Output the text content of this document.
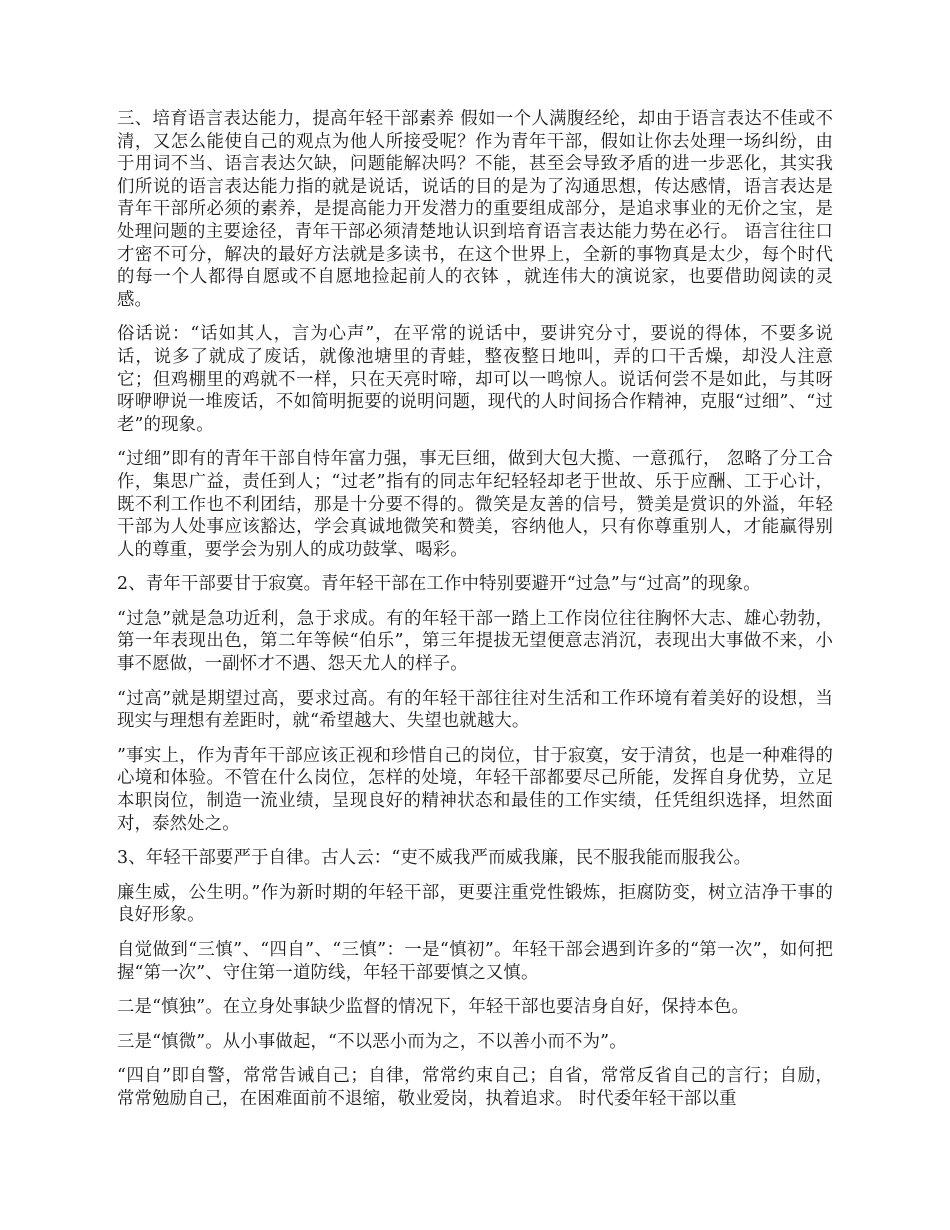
三、培育语言表达能力，提高年轻干部素养 假如一个人满腹经纶，却由于语言表达不佳或不清，又怎么能使自己的观点为他人所接受呢？作为青年干部，假如让你去处理一场纠纷，由于用词不当、语言表达欠缺，问题能解决吗？不能，甚至会导致矛盾的进一步恶化，其实我们所说的语言表达能力指的就是说话，说话的目的是为了沟通思想，传达感情，语言表达是青年干部所必须的素养，是提高能力开发潜力的重要组成部分，是追求事业的无价之宝，是处理问题的主要途径，青年干部必须清楚地认识到培育语言表达能力势在必行。 语言往往口才密不可分，解决的最好方法就是多读书，在这个世界上，全新的事物真是太少，每个时代的每一个人都得自愿或不自愿地捡起前人的衣钵 ，就连伟大的演说家，也要借助阅读的灵感。

俗话说：“话如其人，言为心声”，在平常的说话中，要讲究分寸，要说的得体，不要多说话，说多了就成了废话，就像池塘里的青蛙，整夜整日地叫，弄的口干舌燥，却没人注意它；但鸡棚里的鸡就不一样，只在天亮时啼，却可以一鸣惊人。说话何尝不是如此，与其呀呀咿咿说一堆废话，不如简明扼要的说明问题，现代的人时间扬合作精神，克服“过细”、“过老”的现象。

“过细”即有的青年干部自恃年富力强，事无巨细，做到大包大揽、一意孤行， 忽略了分工合作，集思广益，责任到人；“过老”指有的同志年纪轻轻却老于世故、乐于应酬、工于心计，既不利工作也不利团结，那是十分要不得的。微笑是友善的信号，赞美是赏识的外溢，年轻干部为人处事应该豁达，学会真诚地微笑和赞美，容纳他人，只有你尊重别人，才能赢得别人的尊重，要学会为别人的成功鼓掌、喝彩。

2、青年干部要甘于寂寞。青年轻干部在工作中特别要避开“过急”与“过高”的现象。

“过急”就是急功近利，急于求成。有的年轻干部一踏上工作岗位往往胸怀大志、雄心勃勃，第一年表现出色，第二年等候“伯乐”，第三年提拔无望便意志消沉，表现出大事做不来，小事不愿做，一副怀才不遇、怨天尤人的样子。

“过高”就是期望过高，要求过高。有的年轻干部往往对生活和工作环境有着美好的设想，当现实与理想有差距时，就“希望越大、失望也就越大。

”事实上，作为青年干部应该正视和珍惜自己的岗位，甘于寂寞，安于清贫，也是一种难得的心境和体验。不管在什么岗位，怎样的处境，年轻干部都要尽己所能，发挥自身优势，立足本职岗位，制造一流业绩，呈现良好的精神状态和最佳的工作实绩，任凭组织选择，坦然面对，泰然处之。

3、年轻干部要严于自律。古人云：“吏不威我严而威我廉，民不服我能而服我公。

廉生威，公生明。”作为新时期的年轻干部，更要注重党性锻炼，拒腐防变，树立洁净干事的良好形象。

自觉做到“三慎”、“四自”、“三慎”：一是“慎初”。年轻干部会遇到许多的“第一次”，如何把握“第一次”、守住第一道防线，年轻干部要慎之又慎。

二是“慎独”。在立身处事缺少监督的情况下，年轻干部也要洁身自好，保持本色。

三是“慎微”。从小事做起，“不以恶小而为之，不以善小而不为”。

“四自”即自警，常常告诫自己；自律，常常约束自己；自省，常常反省自己的言行；自励，常常勉励自己，在困难面前不退缩，敬业爱岗，执着追求。 时代委年轻干部以重
